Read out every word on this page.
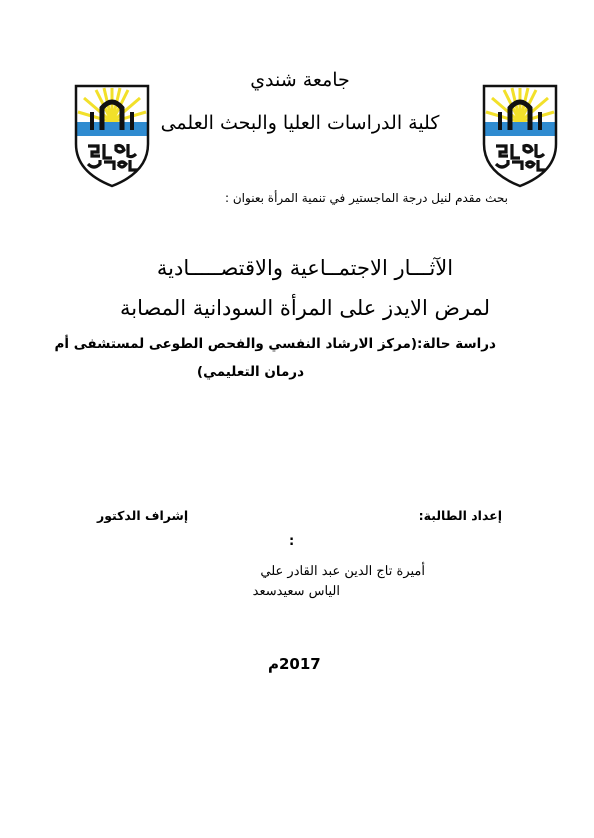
جامعة شندي
كلية الدراسات العليا والبحث العلمى
بحث مقدم لنيل درجة الماجستير في تنمية المرأة بعنوان :
الآثـــار الاجتمــاعية والاقتصـــــادية
لمرض الايدز على المرأة السودانية المصابة
دراسة حالة:(مركز الارشاد النفسي والفحص الطوعى لمستشفى أم
درمان التعليمي)
إعداد الطالبة:
إشراف الدكتور
:
أميرة تاج الدين عبد القادر علي
الياس سعيدسعد
2017م
